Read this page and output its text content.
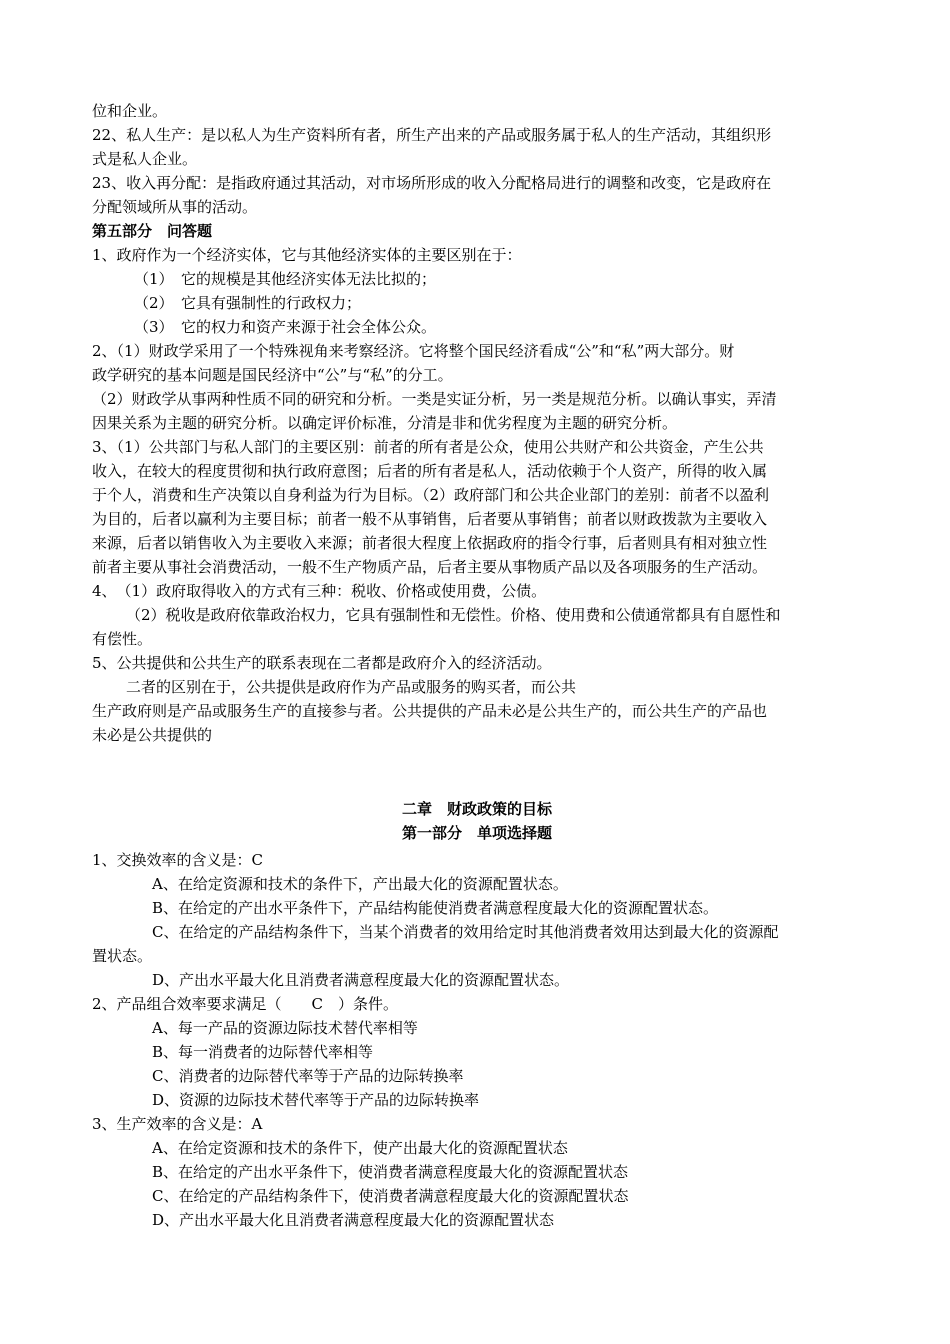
位和企业。
22、私人生产：是以私人为生产资料所有者，所生产出来的产品或服务属于私人的生产活动，其组织形
式是私人企业。
23、收入再分配：是指政府通过其活动，对市场所形成的收入分配格局进行的调整和改变，它是政府在
分配领域所从事的活动。
第五部分　问答题
1、政府作为一个经济实体，它与其他经济实体的主要区别在于：
（1）　它的规模是其他经济实体无法比拟的；
（2）　它具有强制性的行政权力；
（3）　它的权力和资产来源于社会全体公众。
2、（1）财政学采用了一个特殊视角来考察经济。它将整个国民经济看成“公”和“私”两大部分。财
政学研究的基本问题是国民经济中“公”与“私”的分工。
（2）财政学从事两种性质不同的研究和分析。一类是实证分析，另一类是规范分析。以确认事实，弄清
因果关系为主题的研究分析。以确定评价标准，分清是非和优劣程度为主题的研究分析。
3、（1）公共部门与私人部门的主要区别：前者的所有者是公众，使用公共财产和公共资金，产生公共
收入，在较大的程度贯彻和执行政府意图；后者的所有者是私人，活动依赖于个人资产，所得的收入属
于个人，消费和生产决策以自身利益为行为目标。（2）政府部门和公共企业部门的差别：前者不以盈利
为目的，后者以赢利为主要目标；前者一般不从事销售，后者要从事销售；前者以财政拨款为主要收入
来源，后者以销售收入为主要收入来源；前者很大程度上依据政府的指令行事，后者则具有相对独立性
前者主要从事社会消费活动，一般不生产物质产品，后者主要从事物质产品以及各项服务的生产活动。
4、　（1）政府取得收入的方式有三种：税收、价格或使用费，公债。
（2）税收是政府依靠政治权力，它具有强制性和无偿性。价格、使用费和公债通常都具有自愿性和
有偿性。
5、公共提供和公共生产的联系表现在二者都是政府介入的经济活动。
二者的区别在于，公共提供是政府作为产品或服务的购买者，而公共
生产政府则是产品或服务生产的直接参与者。公共提供的产品未必是公共生产的，而公共生产的产品也
未必是公共提供的
二章　财政政策的目标
第一部分　单项选择题
1、交换效率的含义是：C
A、在给定资源和技术的条件下，产出最大化的资源配置状态。
B、在给定的产出水平条件下，产品结构能使消费者满意程度最大化的资源配置状态。
C、在给定的产品结构条件下，当某个消费者的效用给定时其他消费者效用达到最大化的资源配
置状态。
D、产出水平最大化且消费者满意程度最大化的资源配置状态。
2、产品组合效率要求满足（　　C　）条件。
A、每一产品的资源边际技术替代率相等
B、每一消费者的边际替代率相等
C、消费者的边际替代率等于产品的边际转换率
D、资源的边际技术替代率等于产品的边际转换率
3、生产效率的含义是：A
A、在给定资源和技术的条件下，使产出最大化的资源配置状态
B、在给定的产出水平条件下，使消费者满意程度最大化的资源配置状态
C、在给定的产品结构条件下，使消费者满意程度最大化的资源配置状态
D、产出水平最大化且消费者满意程度最大化的资源配置状态
